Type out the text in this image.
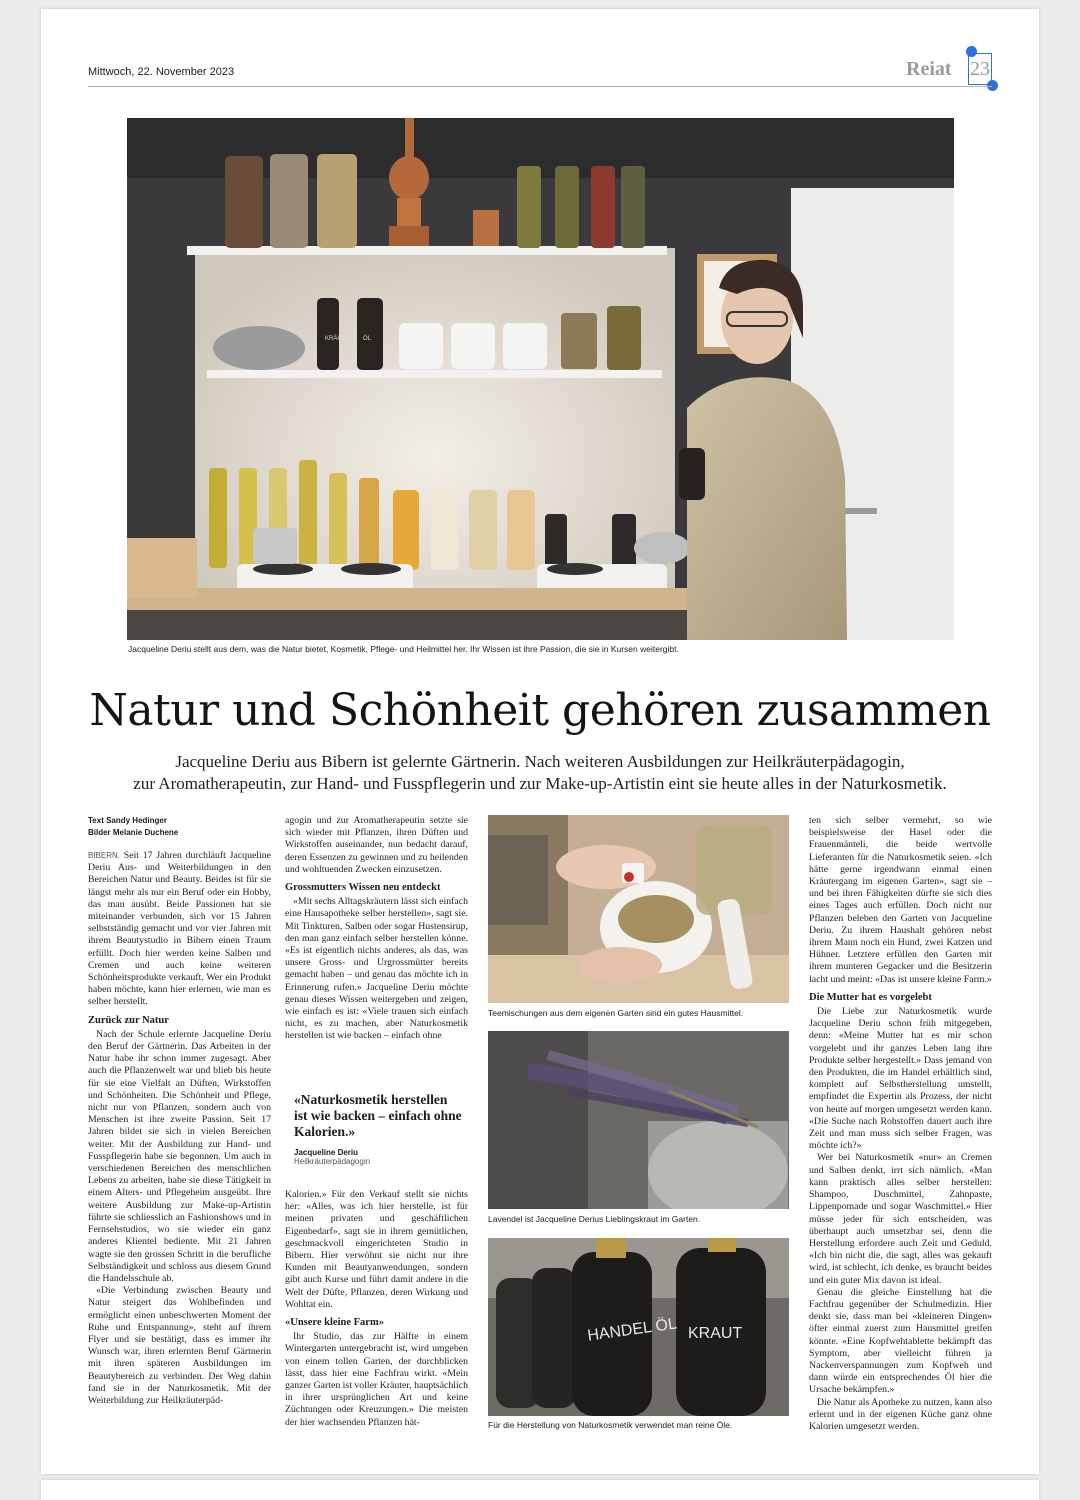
Mittwoch, 22. November 2023	Reiat 23
KRÄUTER ÖL
Jacqueline Deriu stellt aus dem, was die Natur bietet, Kosmetik, Pflege- und Heilmittel her. Ihr Wissen ist ihre Passion, die sie in Kursen weitergibt.
Natur und Schönheit gehören zusammen
Jacqueline Deriu aus Bibern ist gelernte Gärtnerin. Nach weiteren Ausbildungen zur Heilkräuterpädagogin,
zur Aromatherapeutin, zur Hand- und Fusspflegerin und zur Make-up-Artistin eint sie heute alles in der Naturkosmetik.
Text Sandy Hedinger
Bilder Melanie Duchene

BIBERN. Seit 17 Jahren durchläuft Jacqueline Deriu Aus- und Weiterbildungen in den Bereichen Natur und Beauty. Beides ist für sie längst mehr als nur ein Beruf oder ein Hobby, das man ausübt. Beide Passionen hat sie miteinander verbunden, sich vor 15 Jahren selbstständig gemacht und vor vier Jahren mit ihrem Beautystudio in Bibern einen Traum erfüllt. Doch hier werden keine Salben und Cremen und auch keine weiteren Schönheitsprodukte verkauft. Wer ein Produkt haben möchte, kann hier erlernen, wie man es selber herstellt.

Zurück zur Natur

Nach der Schule erlernte Jacqueline Deriu den Beruf der Gärtnerin. Das Arbeiten in der Natur habe ihr schon immer zugesagt. Aber auch die Pflanzenwelt war und blieb bis heute für sie eine Vielfalt an Düften, Wirkstoffen und Schönheiten. Die Schönheit und Pflege, nicht nur von Pflanzen, sondern auch von Menschen ist ihre zweite Passion. Seit 17 Jahren bildet sie sich in vielen Bereichen weiter. Mit der Ausbildung zur Hand- und Fusspflegerin habe sie begonnen. Um auch in verschiedenen Bereichen des menschlichen Lebens zu arbeiten, habe sie diese Tätigkeit in einem Alters- und Pflegeheim ausgeübt. Ihre weitere Ausbildung zur Make-up-Artistin führte sie schliesslich an Fashionshows und in Fernsehstudios, wo sie wieder ein ganz anderes Klientel bediente. Mit 21 Jahren wagte sie den grossen Schritt in die berufliche Selbständigkeit und schloss aus diesem Grund die Handelsschule ab.

«Die Verbindung zwischen Beauty und Natur steigert das Wohlbefinden und ermöglicht einen unbeschwerten Moment der Ruhe und Entspannung», steht auf ihrem Flyer und sie bestätigt, dass es immer ihr Wunsch war, ihren erlernten Beruf Gärtnerin mit ihren späteren Ausbildungen im Beautybereich zu verbinden. Der Weg dahin fand sie in der Naturkosmetik. Mit der Weiterbildung zur Heilkräuterpäd-

agogin und zur Aromatherapeutin setzte sie sich wieder mit Pflanzen, ihren Düften und Wirkstoffen auseinander, nun bedacht darauf, deren Essenzen zu gewinnen und zu heilenden und wohltuenden Zwecken einzusetzen.

Grossmutters Wissen neu entdeckt

«Mit sechs Alltagskräutern lässt sich einfach eine Hausapotheke selber herstellen», sagt sie. Mit Tinkturen, Salben oder sogar Hustensirup, den man ganz einfach selber herstellen könne. «Es ist eigentlich nichts anderes, als das, was unsere Gross- und Urgrossmütter bereits gemacht haben – und genau das möchte ich in Erinnerung rufen.» Jacqueline Deriu möchte genau dieses Wissen weitergeben und zeigen, wie einfach es ist: «Viele trauen sich einfach nicht, es zu machen, aber Naturkosmetik herstellen ist wie backen – einfach ohne

«Naturkosmetik herstellen ist wie backen – einfach ohne Kalorien.»
Jacqueline Deriu
Heilkräuterpädagogin

Kalorien.» Für den Verkauf stellt sie nichts her: «Alles, was ich hier herstelle, ist für meinen privaten und geschäftlichen Eigenbedarf», sagt sie in ihrem gemütlichen, geschmackvoll eingerichteten Studio in Bibern. Hier verwöhnt sie nicht nur ihre Kunden mit Beautyanwendungen, sondern gibt auch Kurse und führt damit andere in die Welt der Düfte, Pflanzen, deren Wirkung und Wohltat ein.

«Unsere kleine Farm»

Ihr Studio, das zur Hälfte in einem Wintergarten untergebracht ist, wird umgeben von einem tollen Garten, der durchblicken lässt, dass hier eine Fachfrau wirkt. «Mein ganzer Garten ist voller Kräuter, hauptsächlich in ihrer ursprünglichen Art und keine Züchtungen oder Kreuzungen.» Die meisten der hier wachsenden Pflanzen hät-

Teemischungen aus dem eigenen Garten sind ein gutes Hausmittel.
Lavendel ist Jacqueline Derius Lieblingskraut im Garten.
HANDEL ÖL KRAUT
Für die Herstellung von Naturkosmetik verwendet man reine Öle.

ten sich selber vermehrt, so wie beispielsweise der Hasel oder die Frauenmänteli, die beide wertvolle Lieferanten für die Naturkosmetik seien. «Ich hätte gerne irgendwann einmal einen Kräutergang im eigenen Garten», sagt sie – und bei ihren Fähigkeiten dürfte sie sich dies eines Tages auch erfüllen. Doch nicht nur Pflanzen beleben den Garten von Jacqueline Deriu. Zu ihrem Haushalt gehören nebst ihrem Mann noch ein Hund, zwei Katzen und Hühner. Letztere erfüllen den Garten mit ihrem munteren Gegacker und die Besitzerin lacht und meint: «Das ist unsere kleine Farm.»

Die Mutter hat es vorgelebt

Die Liebe zur Naturkosmetik wurde Jacqueline Deriu schon früh mitgegeben, denn: «Meine Mutter hat es mir schon vorgelebt und ihr ganzes Leben lang ihre Produkte selber hergestellt.» Dass jemand von den Produkten, die im Handel erhältlich sind, komplett auf Selbstherstellung umstellt, empfindet die Expertin als Prozess, der nicht von heute auf morgen umgesetzt werden kann. «Die Suche nach Rohstoffen dauert auch ihre Zeit und man muss sich selber Fragen, was möchte ich?»

Wer bei Naturkosmetik «nur» an Cremen und Salben denkt, irrt sich nämlich. «Man kann praktisch alles selber herstellen: Shampoo, Duschmittel, Zahnpaste, Lippenpomade und sogar Waschmittel.» Hier müsse jeder für sich entscheiden, was überhaupt auch umsetzbar sei, denn die Herstellung erfordere auch Zeit und Geduld. «Ich bin nicht die, die sagt, alles was gekauft wird, ist schlecht, ich denke, es braucht beides und ein guter Mix davon ist ideal.

Genau die gleiche Einstellung hat die Fachfrau gegenüber der Schulmedizin. Hier denkt sie, dass man bei «kleineren Dingen» öfter einmal zuerst zum Hausmittel greifen könnte. «Eine Kopfwehtablette bekämpft das Symptom, aber vielleicht führen ja Nackenverspannungen zum Kopfweh und dann würde ein entsprechendes Öl hier die Ursache bekämpfen.»

Die Natur als Apotheke zu nutzen, kann also erlernt und in der eigenen Küche ganz ohne Kalorien umgesetzt werden.
